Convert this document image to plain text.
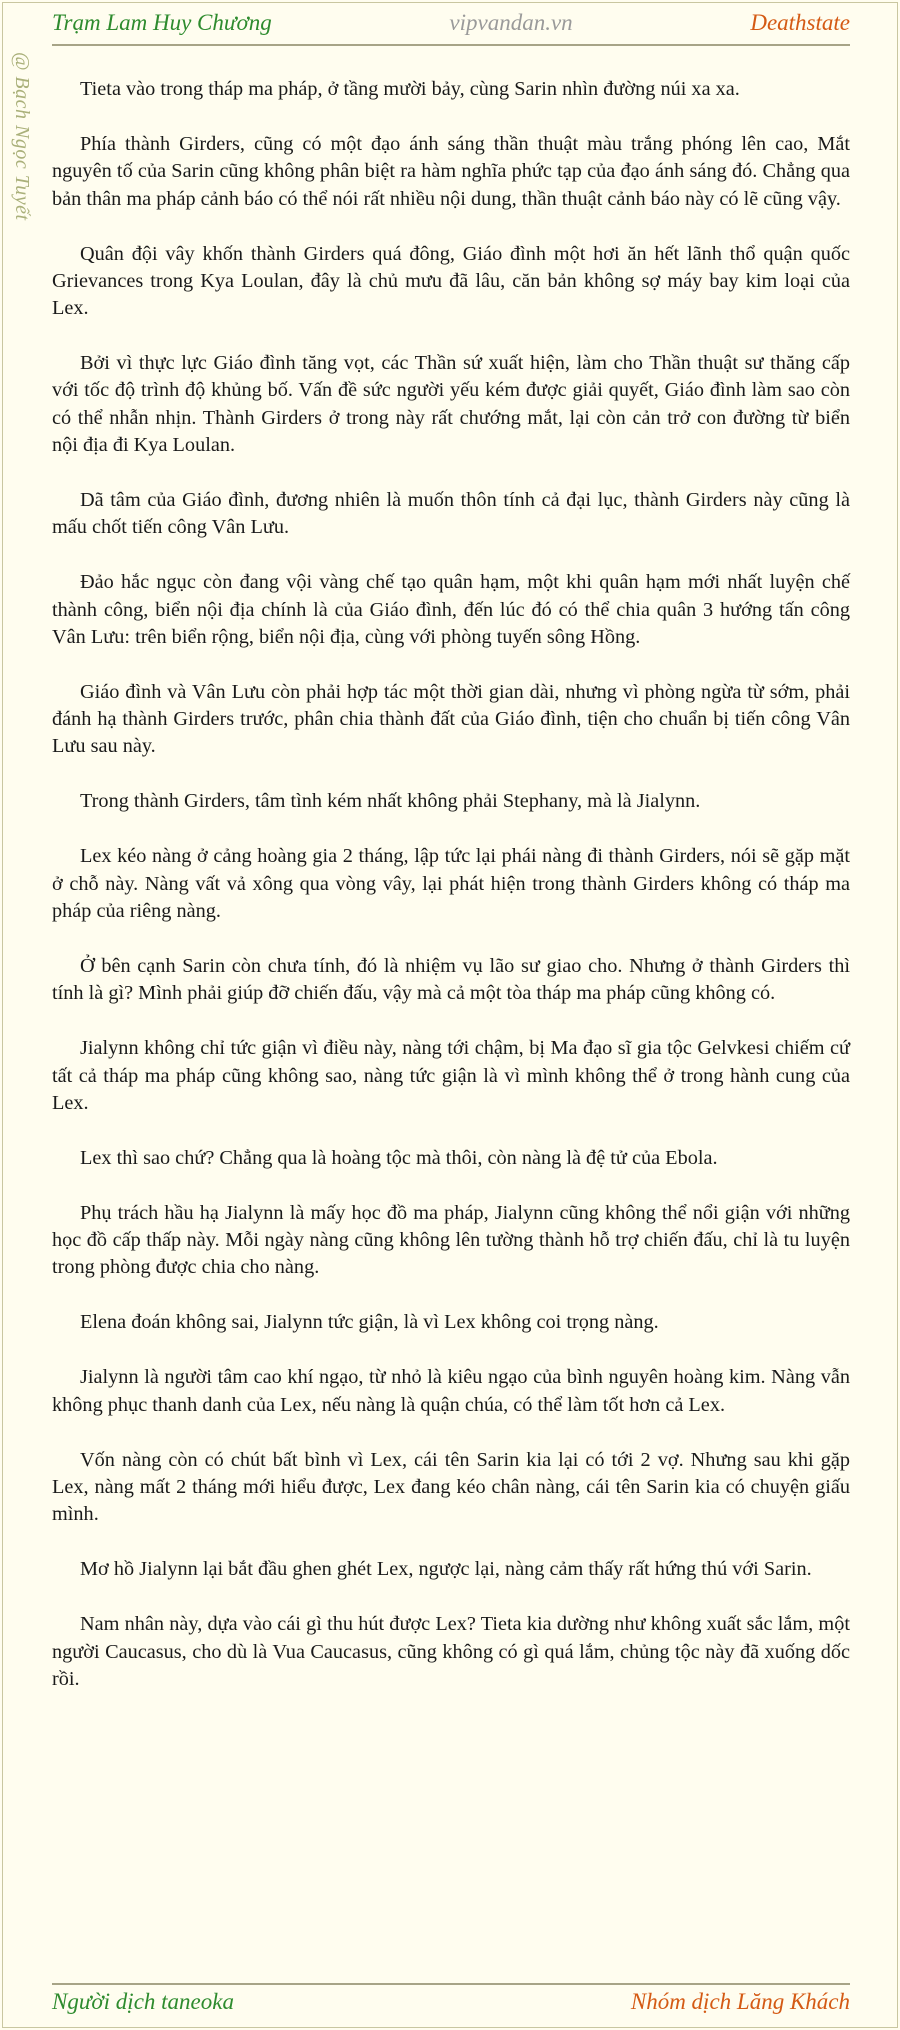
@ Bạch Ngọc Tuyết
Trạm Lam Huy Chương	vipvandan.vn	Deathstate

Tieta vào trong tháp ma pháp, ở tầng mười bảy, cùng Sarin nhìn đường núi xa xa.

Phía thành Girders, cũng có một đạo ánh sáng thần thuật màu trắng phóng lên cao, Mắt nguyên tố của Sarin cũng không phân biệt ra hàm nghĩa phức tạp của đạo ánh sáng đó. Chẳng qua bản thân ma pháp cảnh báo có thể nói rất nhiều nội dung, thần thuật cảnh báo này có lẽ cũng vậy.

Quân đội vây khốn thành Girders quá đông, Giáo đình một hơi ăn hết lãnh thổ quận quốc Grievances trong Kya Loulan, đây là chủ mưu đã lâu, căn bản không sợ máy bay kim loại của Lex.

Bởi vì thực lực Giáo đình tăng vọt, các Thần sứ xuất hiện, làm cho Thần thuật sư thăng cấp với tốc độ trình độ khủng bố. Vấn đề sức người yếu kém được giải quyết, Giáo đình làm sao còn có thể nhẫn nhịn. Thành Girders ở trong này rất chướng mắt, lại còn cản trở con đường từ biển nội địa đi Kya Loulan.

Dã tâm của Giáo đình, đương nhiên là muốn thôn tính cả đại lục, thành Girders này cũng là mấu chốt tiến công Vân Lưu.

Đảo hắc ngục còn đang vội vàng chế tạo quân hạm, một khi quân hạm mới nhất luyện chế thành công, biển nội địa chính là của Giáo đình, đến lúc đó có thể chia quân 3 hướng tấn công Vân Lưu: trên biển rộng, biển nội địa, cùng với phòng tuyến sông Hồng.

Giáo đình và Vân Lưu còn phải hợp tác một thời gian dài, nhưng vì phòng ngừa từ sớm, phải đánh hạ thành Girders trước, phân chia thành đất của Giáo đình, tiện cho chuẩn bị tiến công Vân Lưu sau này.

Trong thành Girders, tâm tình kém nhất không phải Stephany, mà là Jialynn.

Lex kéo nàng ở cảng hoàng gia 2 tháng, lập tức lại phái nàng đi thành Girders, nói sẽ gặp mặt ở chỗ này. Nàng vất vả xông qua vòng vây, lại phát hiện trong thành Girders không có tháp ma pháp của riêng nàng.

Ở bên cạnh Sarin còn chưa tính, đó là nhiệm vụ lão sư giao cho. Nhưng ở thành Girders thì tính là gì? Mình phải giúp đỡ chiến đấu, vậy mà cả một tòa tháp ma pháp cũng không có.

Jialynn không chỉ tức giận vì điều này, nàng tới chậm, bị Ma đạo sĩ gia tộc Gelvkesi chiếm cứ tất cả tháp ma pháp cũng không sao, nàng tức giận là vì mình không thể ở trong hành cung của Lex.

Lex thì sao chứ? Chẳng qua là hoàng tộc mà thôi, còn nàng là đệ tử của Ebola.

Phụ trách hầu hạ Jialynn là mấy học đồ ma pháp, Jialynn cũng không thể nổi giận với những học đồ cấp thấp này. Mỗi ngày nàng cũng không lên tường thành hỗ trợ chiến đấu, chỉ là tu luyện trong phòng được chia cho nàng.

Elena đoán không sai, Jialynn tức giận, là vì Lex không coi trọng nàng.

Jialynn là người tâm cao khí ngạo, từ nhỏ là kiêu ngạo của bình nguyên hoàng kim. Nàng vẫn không phục thanh danh của Lex, nếu nàng là quận chúa, có thể làm tốt hơn cả Lex.

Vốn nàng còn có chút bất bình vì Lex, cái tên Sarin kia lại có tới 2 vợ. Nhưng sau khi gặp Lex, nàng mất 2 tháng mới hiểu được, Lex đang kéo chân nàng, cái tên Sarin kia có chuyện giấu mình.

Mơ hồ Jialynn lại bắt đầu ghen ghét Lex, ngược lại, nàng cảm thấy rất hứng thú với Sarin.

Nam nhân này, dựa vào cái gì thu hút được Lex? Tieta kia dường như không xuất sắc lắm, một người Caucasus, cho dù là Vua Caucasus, cũng không có gì quá lắm, chủng tộc này đã xuống dốc rồi.

Người dịch taneoka	Nhóm dịch Lăng Khách
